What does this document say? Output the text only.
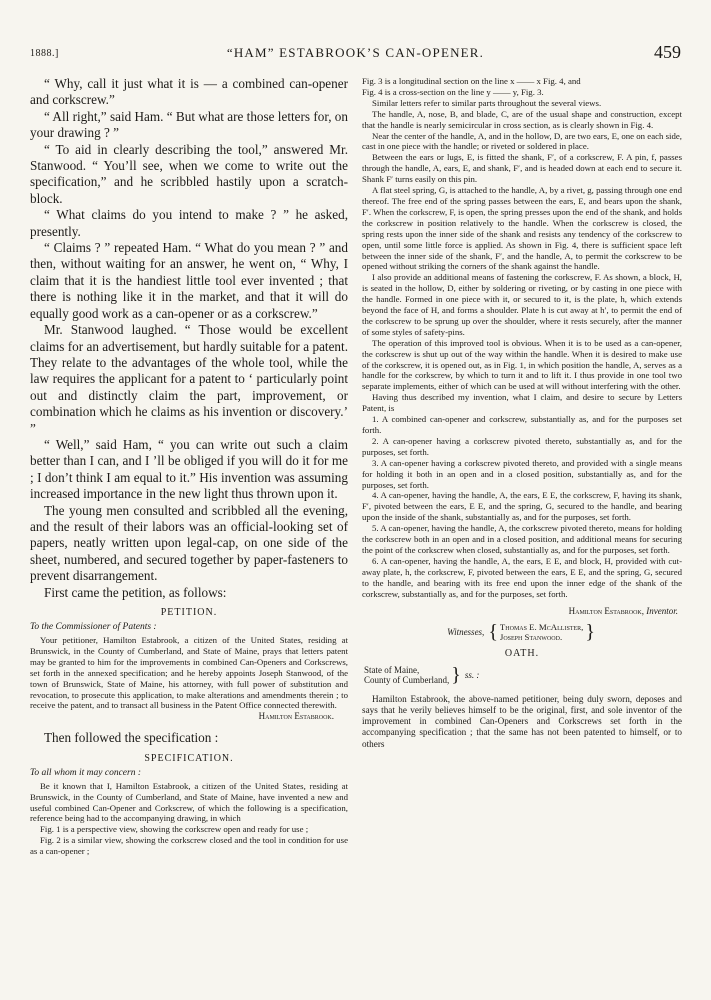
1888.]	“HAM” ESTABROOK’S CAN-OPENER.	459

“ Why, call it just what it is — a combined can-opener and corkscrew.”

“ All right,” said Ham. “ But what are those letters for, on your drawing ? ”

“ To aid in clearly describing the tool,” answered Mr. Stanwood. “ You’ll see, when we come to write out the specification,” and he scribbled hastily upon a scratch-block.

“ What claims do you intend to make ? ” he asked, presently.

“ Claims ? ” repeated Ham. “ What do you mean ? ” and then, without waiting for an answer, he went on, “ Why, I claim that it is the handiest little tool ever invented ; that there is nothing like it in the market, and that it will do equally good work as a can-opener or as a corkscrew.”

Mr. Stanwood laughed. “ Those would be excellent claims for an advertisement, but hardly suitable for a patent. They relate to the advantages of the whole tool, while the law requires the applicant for a patent to ‘ particularly point out and distinctly claim the part, improvement, or combination which he claims as his invention or discovery.’ ”

“ Well,” said Ham, “ you can write out such a claim better than I can, and I ’ll be obliged if you will do it for me ; I don’t think I am equal to it.” His invention was assuming increased importance in the new light thus thrown upon it.

The young men consulted and scribbled all the evening, and the result of their labors was an official-looking set of papers, neatly written upon legal-cap, on one side of the sheet, numbered, and secured together by paper-fasteners to prevent disarrangement.

First came the petition, as follows:

PETITION.
To the Commissioner of Patents :

Your petitioner, Hamilton Estabrook, a citizen of the United States, residing at Brunswick, in the County of Cumberland, and State of Maine, prays that letters patent may be granted to him for the improvements in combined Can-Openers and Corkscrews, set forth in the annexed specification; and he hereby appoints Joseph Stanwood, of the town of Brunswick, State of Maine, his attorney, with full power of substitution and revocation, to prosecute this application, to make alterations and amendments therein ; to receive the patent, and to transact all business in the Patent Office connected therewith.

Hamilton Estabrook.
Then followed the specification :
SPECIFICATION.
To all whom it may concern :

Be it known that I, Hamilton Estabrook, a citizen of the United States, residing at Brunswick, in the County of Cumberland, and State of Maine, have invented a new and useful combined Can-Opener and Corkscrew, of which the following is a specification, reference being had to the accompanying drawing, in which

Fig. 1 is a perspective view, showing the corkscrew open and ready for use ;

Fig. 2 is a similar view, showing the corkscrew closed and the tool in condition for use as a can-opener ;

Fig. 3 is a longitudinal section on the line x —— x Fig. 4, and

Fig. 4 is a cross-section on the line y —— y, Fig. 3.

Similar letters refer to similar parts throughout the several views.

The handle, A, nose, B, and blade, C, are of the usual shape and construction, except that the handle is nearly semicircular in cross section, as is clearly shown in Fig. 4.

Near the center of the handle, A, and in the hollow, D, are two ears, E, one on each side, cast in one piece with the handle; or riveted or soldered in place.

Between the ears or lugs, E, is fitted the shank, F′, of a corkscrew, F. A pin, f, passes through the handle, A, ears, E, and shank, F′, and is headed down at each end to secure it. Shank F′ turns easily on this pin.

A flat steel spring, G, is attached to the handle, A, by a rivet, g, passing through one end thereof. The free end of the spring passes between the ears, E, and bears upon the shank, F′. When the corkscrew, F, is open, the spring presses upon the end of the shank, and holds the corkscrew in position relatively to the handle. When the corkscrew is closed, the spring rests upon the inner side of the shank and resists any tendency of the corkscrew to open, until some little force is applied. As shown in Fig. 4, there is sufficient space left between the inner side of the shank, F′, and the handle, A, to permit the corkscrew to be opened without striking the corners of the shank against the handle.

I also provide an additional means of fastening the corkscrew, F. As shown, a block, H, is seated in the hollow, D, either by soldering or riveting, or by casting in one piece with the handle. Formed in one piece with it, or secured to it, is the plate, h, which extends beyond the face of H, and forms a shoulder. Plate h is cut away at h′, to permit the end of the corkscrew to be sprung up over the shoulder, where it rests securely, after the manner of some styles of safety-pins.

The operation of this improved tool is obvious. When it is to be used as a can-opener, the corkscrew is shut up out of the way within the handle. When it is desired to make use of the corkscrew, it is opened out, as in Fig. 1, in which position the handle, A, serves as a handle for the corkscrew, by which to turn it and to lift it. I thus provide in one tool two separate implements, either of which can be used at will without interfering with the other.

Having thus described my invention, what I claim, and desire to secure by Letters Patent, is

1. A combined can-opener and corkscrew, substantially as, and for the purposes set forth.

2. A can-opener having a corkscrew pivoted thereto, substantially as, and for the purposes, set forth.

3. A can-opener having a corkscrew pivoted thereto, and provided with a single means for holding it both in an open and in a closed position, substantially as, and for the purposes, set forth.

4. A can-opener, having the handle, A, the ears, E E, the corkscrew, F, having its shank, F′, pivoted between the ears, E E, and the spring, G, secured to the handle, and bearing upon the inside of the shank, substantially as, and for the purposes, set forth.

5. A can-opener, having the handle, A, the corkscrew pivoted thereto, means for holding the corkscrew both in an open and in a closed position, and additional means for securing the point of the corkscrew when closed, substantially as, and for the purposes, set forth.

6. A can-opener, having the handle, A, the ears, E E, and block, H, provided with cut-away plate, h, the corkscrew, F, pivoted between the ears, E E, and the spring, G, secured to the handle, and bearing with its free end upon the inner edge of the shank of the corkscrew, substantially as, and for the purposes, set forth.

Hamilton Estabrook, Inventor.
Witnesses, { Thomas E. McAllister,
Joseph Stanwood.	}
OATH.
State of Maine,
County of Cumberland, } ss. :

Hamilton Estabrook, the above-named petitioner, being duly sworn, deposes and says that he verily believes himself to be the original, first, and sole inventor of the improvement in combined Can-Openers and Corkscrews set forth in the accompanying specification ; that the same has not been patented to himself, or to others
